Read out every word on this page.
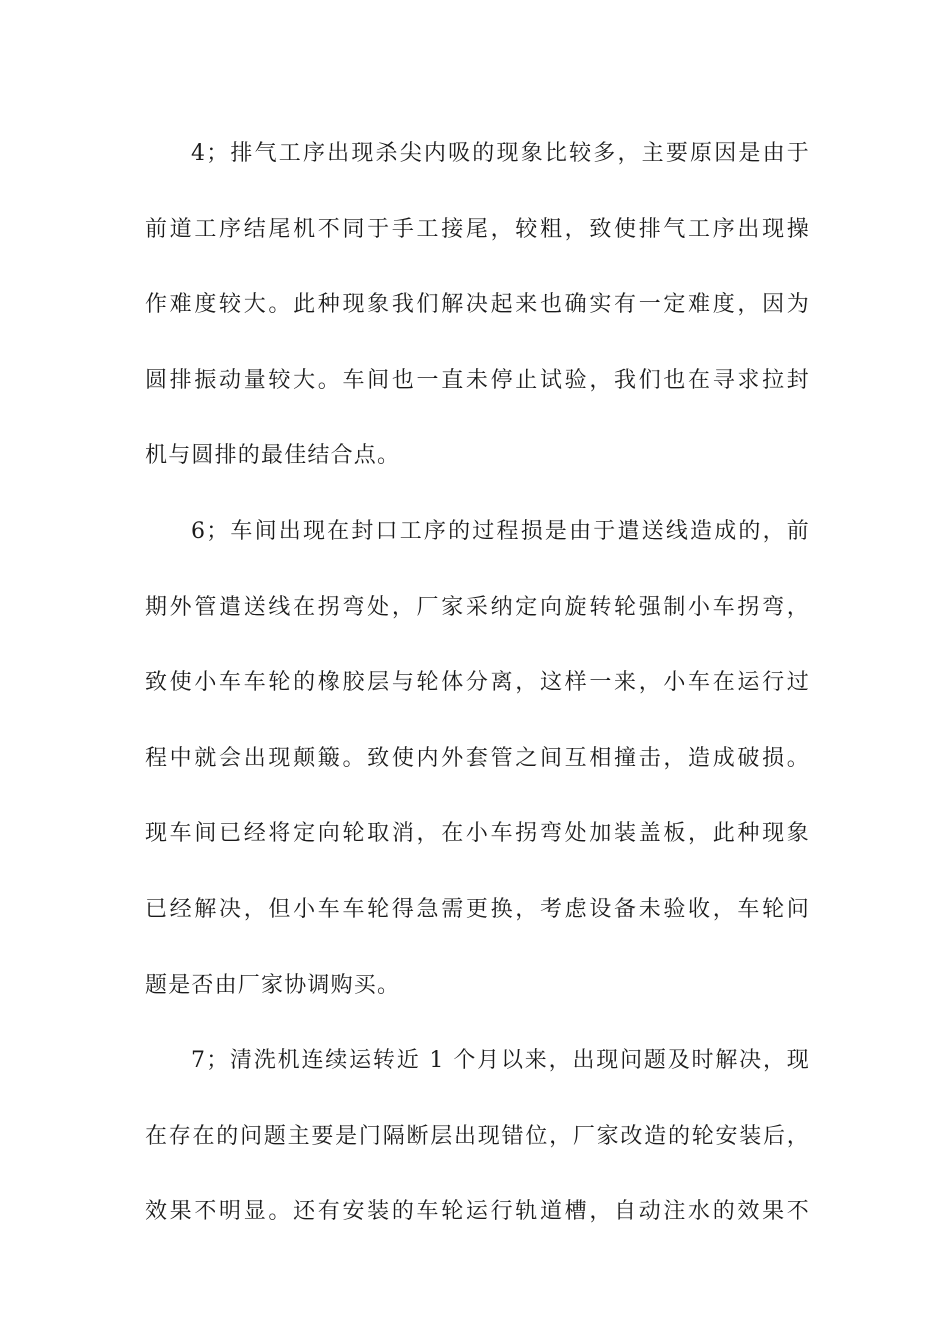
4；排气工序出现杀尖内吸的现象比较多，主要原因是由于
前道工序结尾机不同于手工接尾，较粗，致使排气工序出现操
作难度较大。此种现象我们解决起来也确实有一定难度，因为
圆排振动量较大。车间也一直未停止试验，我们也在寻求拉封
机与圆排的最佳结合点。
6；车间出现在封口工序的过程损是由于遣送线造成的，前
期外管遣送线在拐弯处，厂家采纳定向旋转轮强制小车拐弯，
致使小车车轮的橡胶层与轮体分离，这样一来，小车在运行过
程中就会出现颠簸。致使内外套管之间互相撞击，造成破损。
现车间已经将定向轮取消，在小车拐弯处加装盖板，此种现象
已经解决，但小车车轮得急需更换，考虑设备未验收，车轮问
题是否由厂家协调购买。
7；清洗机连续运转近 1 个月以来，出现问题及时解决，现
在存在的问题主要是门隔断层出现错位，厂家改造的轮安装后，
效果不明显。还有安装的车轮运行轨道槽，自动注水的效果不
